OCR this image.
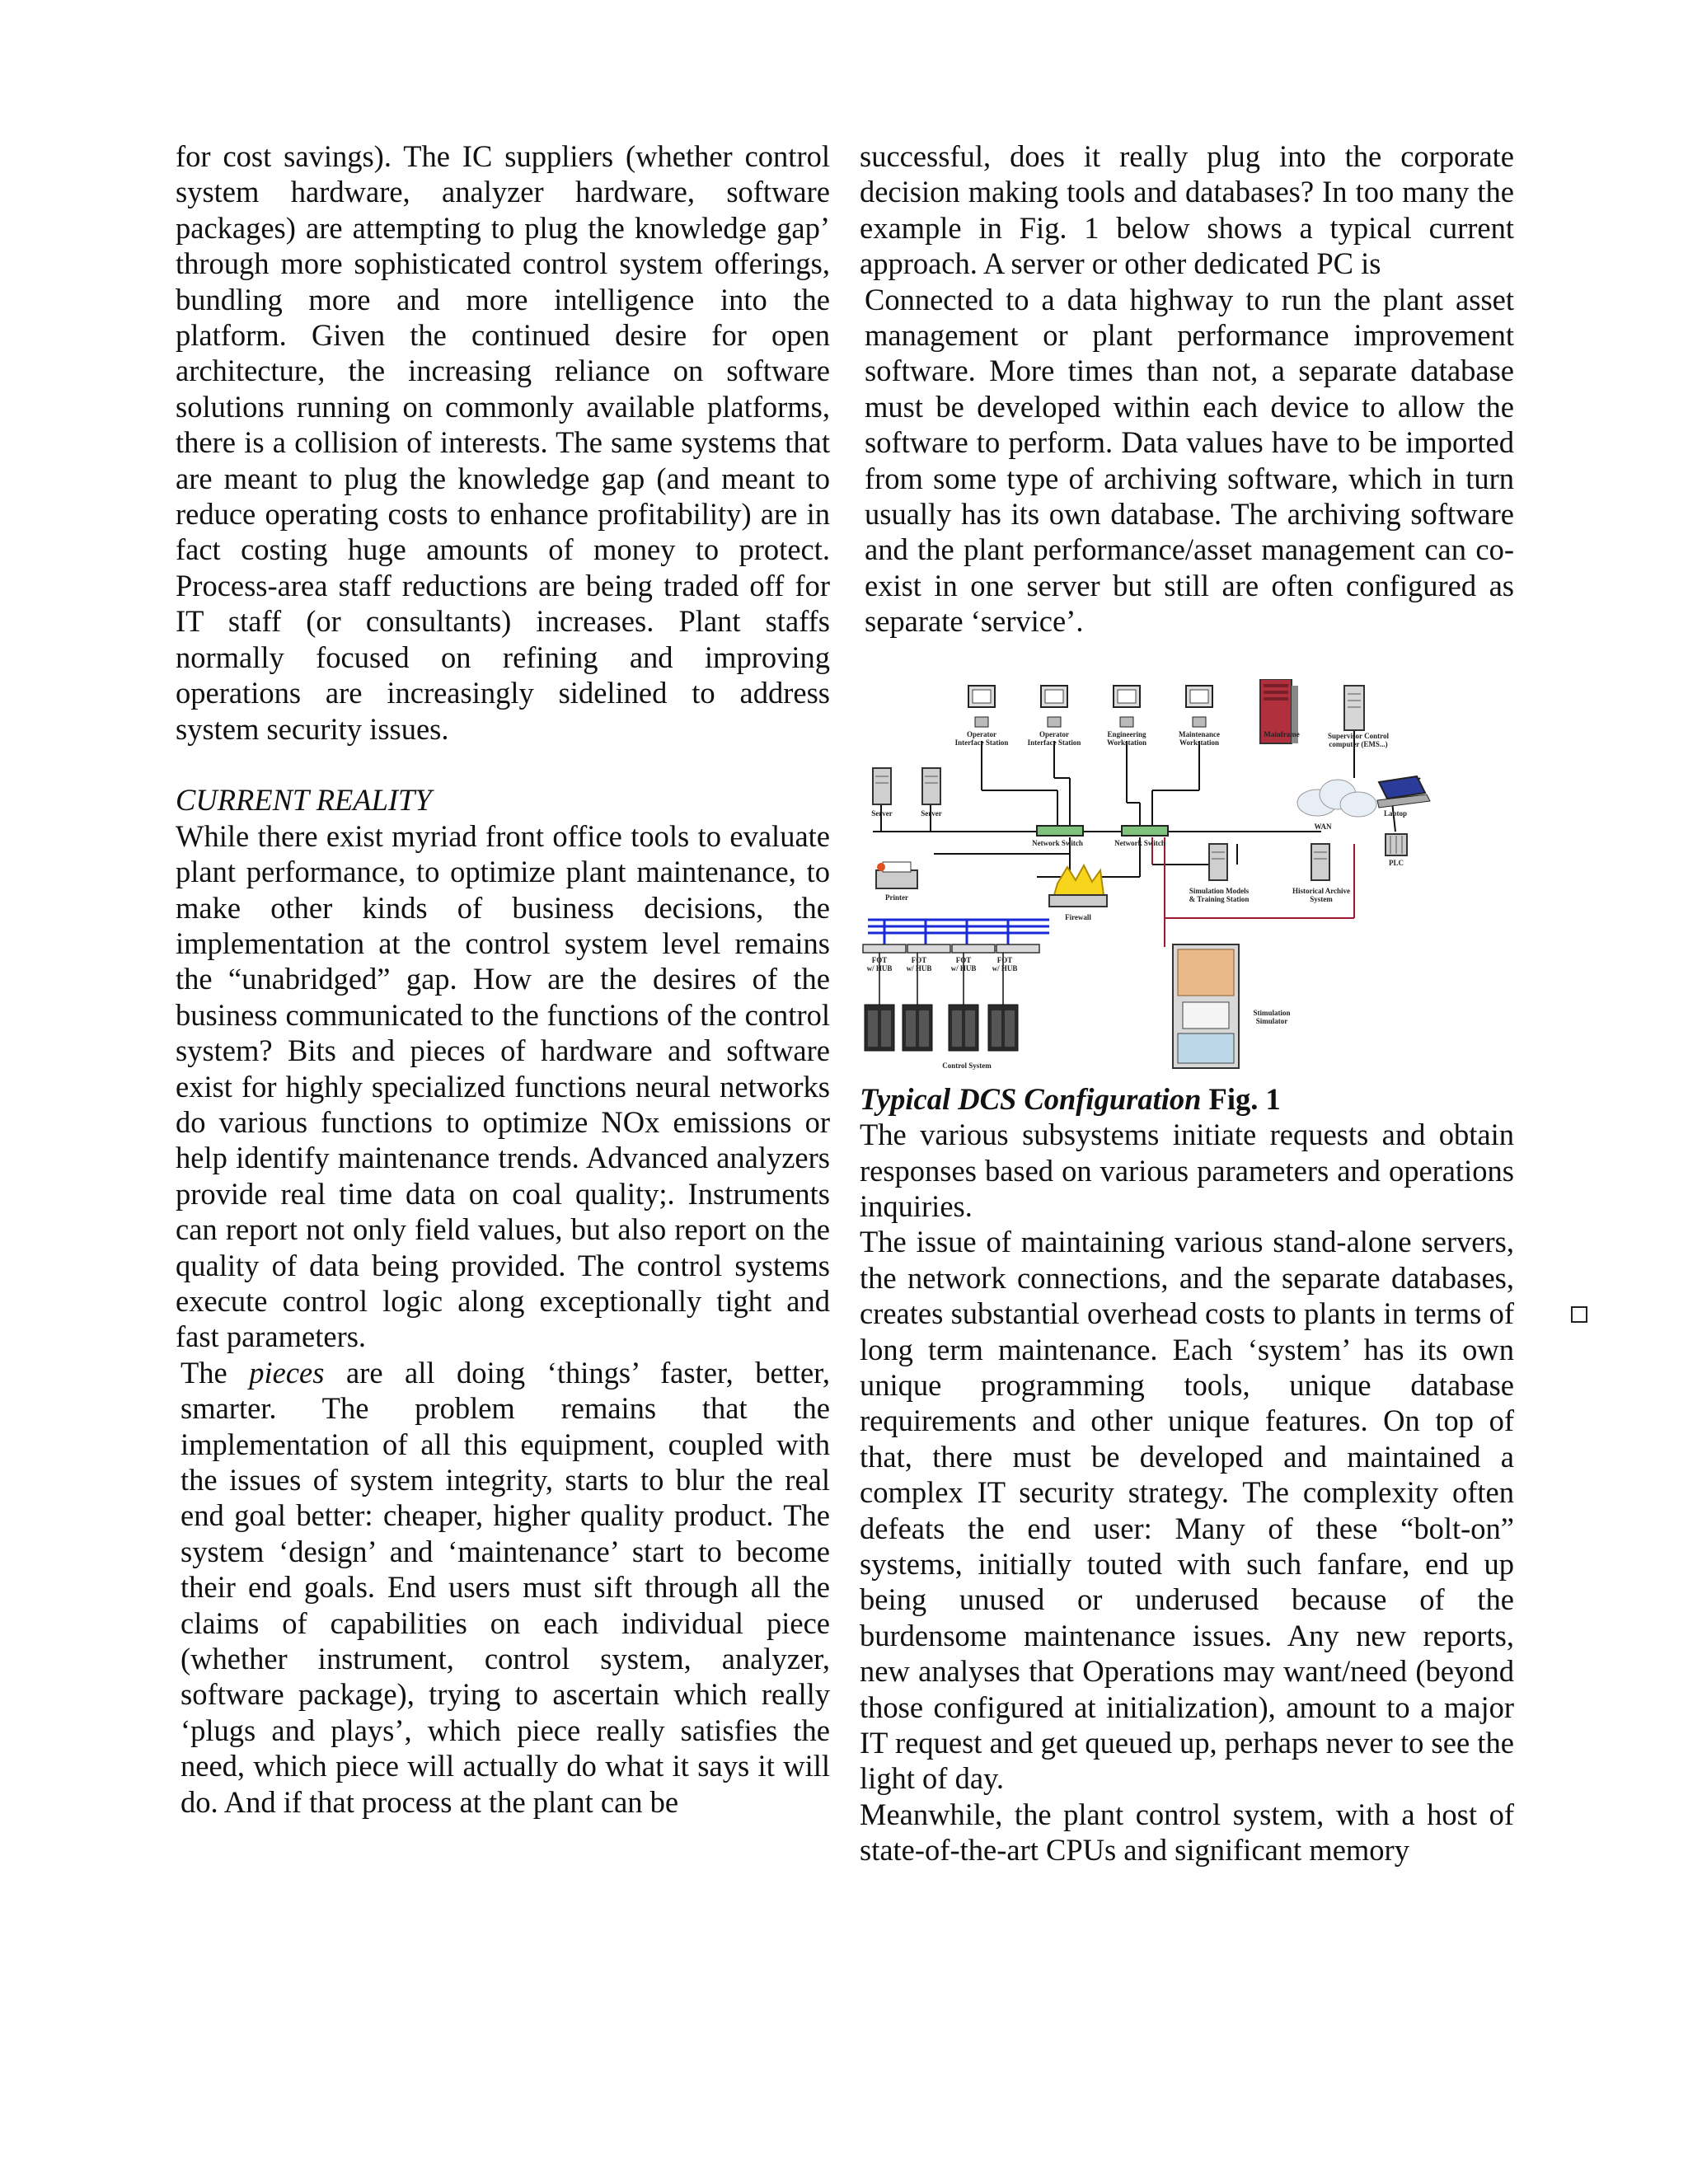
for cost savings). The IC suppliers (whether control system hardware, analyzer hardware, software packages) are attempting to plug the knowledge gap’ through more sophisticated control system offerings, bundling more and more intelligence into the platform. Given the continued desire for open architecture, the increasing reliance on software solutions running on commonly available platforms, there is a collision of interests. The same systems that are meant to plug the knowledge gap (and meant to reduce operating costs to enhance profitability) are in fact costing huge amounts of money to protect. Process-area staff reductions are being traded off for IT staff (or consultants) increases. Plant staffs normally focused on refining and improving operations are increasingly sidelined to address system security issues.

CURRENT REALITY

While there exist myriad front office tools to evaluate plant performance, to optimize plant maintenance, to make other kinds of business decisions, the implementation at the control system level remains the “unabridged” gap. How are the desires of the business communicated to the functions of the control system? Bits and pieces of hardware and software exist for highly specialized functions neural networks do various functions to optimize NOx emissions or help identify maintenance trends. Advanced analyzers provide real time data on coal quality;. Instruments can report not only field values, but also report on the quality of data being provided. The control systems execute control logic along exceptionally tight and fast parameters.

The pieces are all doing ‘things’ faster, better, smarter. The problem remains that the implementation of all this equipment, coupled with the issues of system integrity, starts to blur the real end goal better: cheaper, higher quality product. The system ‘design’ and ‘maintenance’ start to become their end goals. End users must sift through all the claims of capabilities on each individual piece (whether instrument, control system, analyzer, software package), trying to ascertain which really ‘plugs and plays’, which piece really satisfies the need, which piece will actually do what it says it will do. And if that process at the plant can be

successful, does it really plug into the corporate decision making tools and databases? In too many the example in Fig. 1 below shows a typical current approach. A server or other dedicated PC is

Connected to a data highway to run the plant asset management or plant performance improvement software. More times than not, a separate database must be developed within each device to allow the software to perform. Data values have to be imported from some type of archiving software, which in turn usually has its own database. The archiving software and the plant performance/asset management can co-exist in one server but still are often configured as separate ‘service’.

Operator
Interface Station
Operator
Interface Station
Engineering
Workstation
Maintenance
Workstation
Mainframe	Supervisor Control
computer (EMS...)
Server	Server
Network Switch	Network Switch
WAN
Laptop
PLC
Printer
Simulation Models
& Training Station
Historical Archive
System
Firewall
FOT
w/ HUB
FOT
w/ HUB
FOT
w/ HUB
FOT
w/ HUB
Stimulation
Simulator
Control System

Typical DCS Configuration Fig. 1

The various subsystems initiate requests and obtain responses based on various parameters and operations inquiries.

The issue of maintaining various stand-alone servers, the network connections, and the separate databases, creates substantial overhead costs to plants in terms of long term maintenance. Each ‘system’ has its own unique programming tools, unique database requirements and other unique features. On top of that, there must be developed and maintained a complex IT security strategy. The complexity often defeats the end user: Many of these “bolt-on” systems, initially touted with such fanfare, end up being unused or underused because of the burdensome maintenance issues. Any new reports, new analyses that Operations may want/need (beyond those configured at initialization), amount to a major IT request and get queued up, perhaps never to see the light of day.

Meanwhile, the plant control system, with a host of state-of-the-art CPUs and significant memory
